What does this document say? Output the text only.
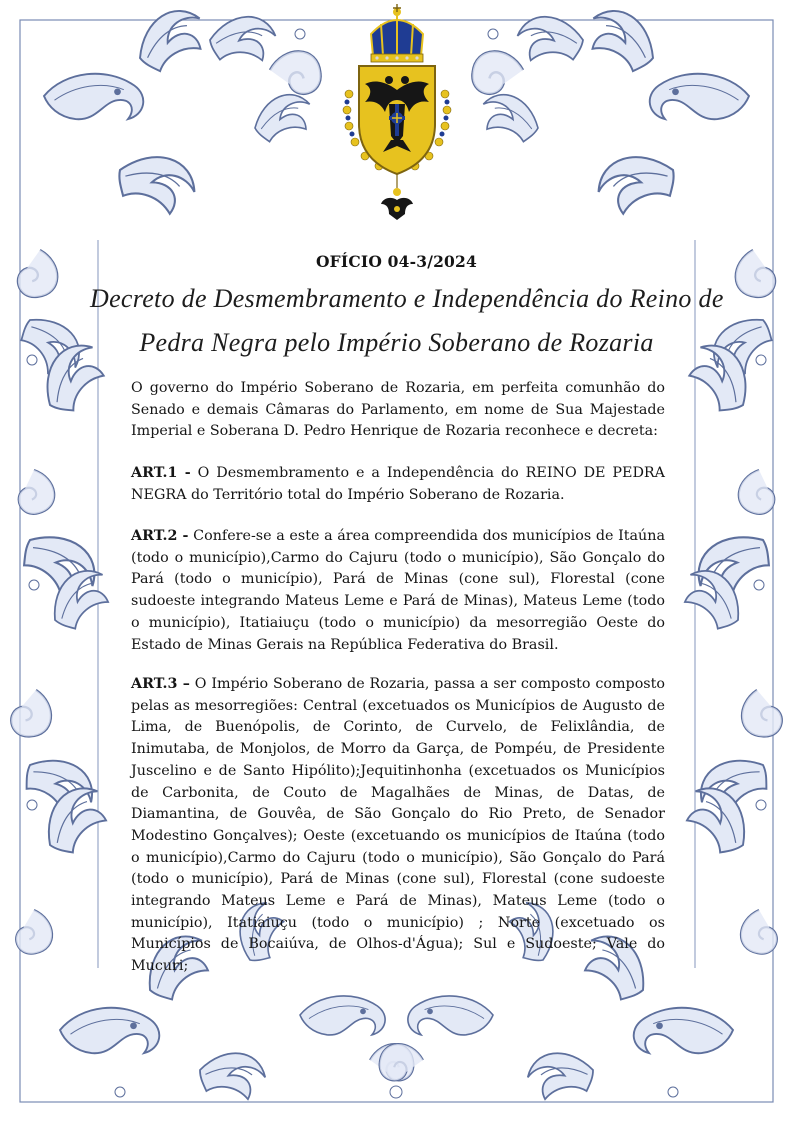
OFÍCIO 04-3/2024
Decreto de Desmembramento e Independência do Reino de
Pedra Negra pelo Império Soberano de Rozaria

O governo do Império Soberano de Rozaria, em perfeita comunhão do Senado e demais Câmaras do Parlamento, em nome de Sua Majestade Imperial e Soberana D. Pedro Henrique de Rozaria reconhece e decreta:

ART.1 - O Desmembramento e a Independência do REINO DE PEDRA NEGRA do Território total do Império Soberano de Rozaria.

ART.2 - Confere-se a este a área compreendida dos municípios de Itaúna (todo o município),Carmo do Cajuru (todo o município), São Gonçalo do Pará (todo o município), Pará de Minas (cone sul), Florestal (cone sudoeste integrando Mateus Leme e Pará de Minas), Mateus Leme (todo o município), Itatiaiuçu (todo o município) da mesorregião Oeste do Estado de Minas Gerais na República Federativa do Brasil.

ART.3 – O Império Soberano de Rozaria, passa a ser composto composto pelas as mesorregiões: Central (excetuados os Municípios de Augusto de Lima, de Buenópolis, de Corinto, de Curvelo, de Felixlândia, de Inimutaba, de Monjolos, de Morro da Garça, de Pompéu, de Presidente Juscelino e de Santo Hipólito);Jequitinhonha (excetuados os Municípios de Carbonita, de Couto de Magalhães de Minas, de Datas, de Diamantina, de Gouvêa, de São Gonçalo do Rio Preto, de Senador Modestino Gonçalves); Oeste (excetuando os municípios de Itaúna (todo o município),Carmo do Cajuru (todo o município), São Gonçalo do Pará (todo o município), Pará de Minas (cone sul), Florestal (cone sudoeste integrando Mateus Leme e Pará de Minas), Mateus Leme (todo o município), Itatiaiuçu (todo o município) ; Norte (excetuado os Municípios de Bocaiúva, de Olhos-d'Água); Sul e Sudoeste; Vale do Mucuri;
